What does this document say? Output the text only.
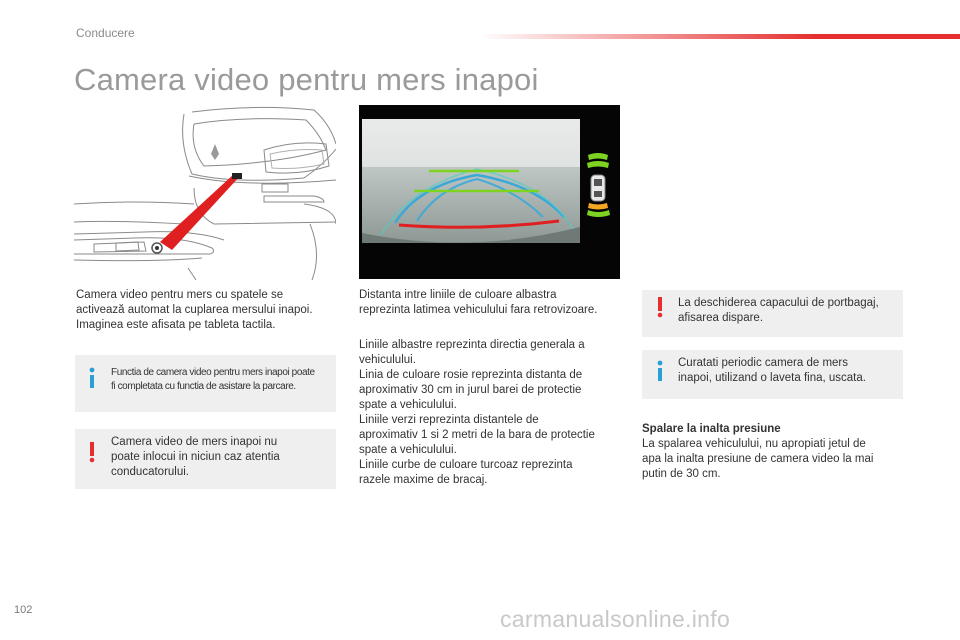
Conducere
Camera video pentru mers inapoi

Camera video pentru mers cu spatele se
activează automat la cuplarea mersului inapoi.
Imaginea este afisata pe tableta tactila.

Functia de camera video pentru mers inapoi poate
fi completata cu functia de asistare la parcare.

Camera video de mers inapoi nu
poate inlocui in niciun caz atentia
conducatorului.

Distanta intre liniile de culoare albastra
reprezinta latimea vehiculului fara retrovizoare.

Liniile albastre reprezinta directia generala a
vehiculului.
Linia de culoare rosie reprezinta distanta de
aproximativ 30 cm in jurul barei de protectie
spate a vehiculului.
Liniile verzi reprezinta distantele de
aproximativ 1 si 2 metri de la bara de protectie
spate a vehiculului.
Liniile curbe de culoare turcoaz reprezinta
razele maxime de bracaj.

La deschiderea capacului de portbagaj,
afisarea dispare.

Curatati periodic camera de mers
inapoi, utilizand o laveta fina, uscata.

Spalare la inalta presiune
La spalarea vehiculului, nu apropiati jetul de
apa la inalta presiune de camera video la mai
putin de 30 cm.

102	carmanualsonline.info
